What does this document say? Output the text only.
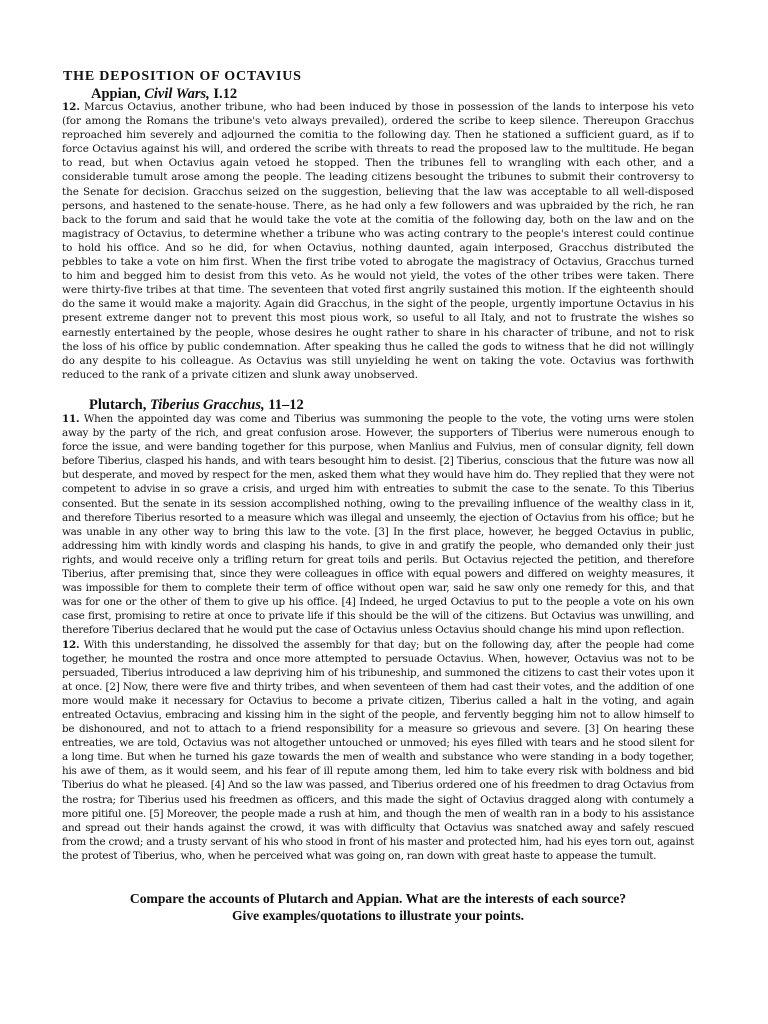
THE DEPOSITION OF OCTAVIUS
Appian, Civil Wars, I.12

12. Marcus Octavius, another tribune, who had been induced by those in possession of the lands to interpose his veto (for among the Romans the tribune's veto always prevailed), ordered the scribe to keep silence. Thereupon Gracchus reproached him severely and adjourned the comitia to the following day. Then he stationed a sufficient guard, as if to force Octavius against his will, and ordered the scribe with threats to read the proposed law to the multitude. He began to read, but when Octavius again vetoed he stopped. Then the tribunes fell to wrangling with each other, and a considerable tumult arose among the people. The leading citizens besought the tribunes to submit their controversy to the Senate for decision. Gracchus seized on the suggestion, believing that the law was acceptable to all well-disposed persons, and hastened to the senate-house. There, as he had only a few followers and was upbraided by the rich, he ran back to the forum and said that he would take the vote at the comitia of the following day, both on the law and on the magistracy of Octavius, to determine whether a tribune who was acting contrary to the people's interest could continue to hold his office. And so he did, for when Octavius, nothing daunted, again interposed, Gracchus distributed the pebbles to take a vote on him first. When the first tribe voted to abrogate the magistracy of Octavius, Gracchus turned to him and begged him to desist from this veto. As he would not yield, the votes of the other tribes were taken. There were thirty-five tribes at that time. The seventeen that voted first angrily sustained this motion. If the eighteenth should do the same it would make a majority. Again did Gracchus, in the sight of the people, urgently importune Octavius in his present extreme danger not to prevent this most pious work, so useful to all Italy, and not to frustrate the wishes so earnestly entertained by the people, whose desires he ought rather to share in his character of tribune, and not to risk the loss of his office by public condemnation. After speaking thus he called the gods to witness that he did not willingly do any despite to his colleague. As Octavius was still unyielding he went on taking the vote. Octavius was forthwith reduced to the rank of a private citizen and slunk away unobserved.

Plutarch, Tiberius Gracchus, 11–12

11. When the appointed day was come and Tiberius was summoning the people to the vote, the voting urns were stolen away by the party of the rich, and great confusion arose. However, the supporters of Tiberius were numerous enough to force the issue, and were banding together for this purpose, when Manlius and Fulvius, men of consular dignity, fell down before Tiberius, clasped his hands, and with tears besought him to desist. [2] Tiberius, conscious that the future was now all but desperate, and moved by respect for the men, asked them what they would have him do. They replied that they were not competent to advise in so grave a crisis, and urged him with entreaties to submit the case to the senate. To this Tiberius consented. But the senate in its session accomplished nothing, owing to the prevailing influence of the wealthy class in it, and therefore Tiberius resorted to a measure which was illegal and unseemly, the ejection of Octavius from his office; but he was unable in any other way to bring this law to the vote. [3] In the first place, however, he begged Octavius in public, addressing him with kindly words and clasping his hands, to give in and gratify the people, who demanded only their just rights, and would receive only a trifling return for great toils and perils. But Octavius rejected the petition, and therefore Tiberius, after premising that, since they were colleagues in office with equal powers and differed on weighty measures, it was impossible for them to complete their term of office without open war, said he saw only one remedy for this, and that was for one or the other of them to give up his office. [4] Indeed, he urged Octavius to put to the people a vote on his own case first, promising to retire at once to private life if this should be the will of the citizens. But Octavius was unwilling, and therefore Tiberius declared that he would put the case of Octavius unless Octavius should change his mind upon reflection.

12. With this understanding, he dissolved the assembly for that day; but on the following day, after the people had come together, he mounted the rostra and once more attempted to persuade Octavius. When, however, Octavius was not to be persuaded, Tiberius introduced a law depriving him of his tribuneship, and summoned the citizens to cast their votes upon it at once. [2] Now, there were five and thirty tribes, and when seventeen of them had cast their votes, and the addition of one more would make it necessary for Octavius to become a private citizen, Tiberius called a halt in the voting, and again entreated Octavius, embracing and kissing him in the sight of the people, and fervently begging him not to allow himself to be dishonoured, and not to attach to a friend responsibility for a measure so grievous and severe. [3] On hearing these entreaties, we are told, Octavius was not altogether untouched or unmoved; his eyes filled with tears and he stood silent for a long time. But when he turned his gaze towards the men of wealth and substance who were standing in a body together, his awe of them, as it would seem, and his fear of ill repute among them, led him to take every risk with boldness and bid Tiberius do what he pleased. [4] And so the law was passed, and Tiberius ordered one of his freedmen to drag Octavius from the rostra; for Tiberius used his freedmen as officers, and this made the sight of Octavius dragged along with contumely a more pitiful one. [5] Moreover, the people made a rush at him, and though the men of wealth ran in a body to his assistance and spread out their hands against the crowd, it was with difficulty that Octavius was snatched away and safely rescued from the crowd; and a trusty servant of his who stood in front of his master and protected him, had his eyes torn out, against the protest of Tiberius, who, when he perceived what was going on, ran down with great haste to appease the tumult.

Compare the accounts of Plutarch and Appian. What are the interests of each source?
Give examples/quotations to illustrate your points.
